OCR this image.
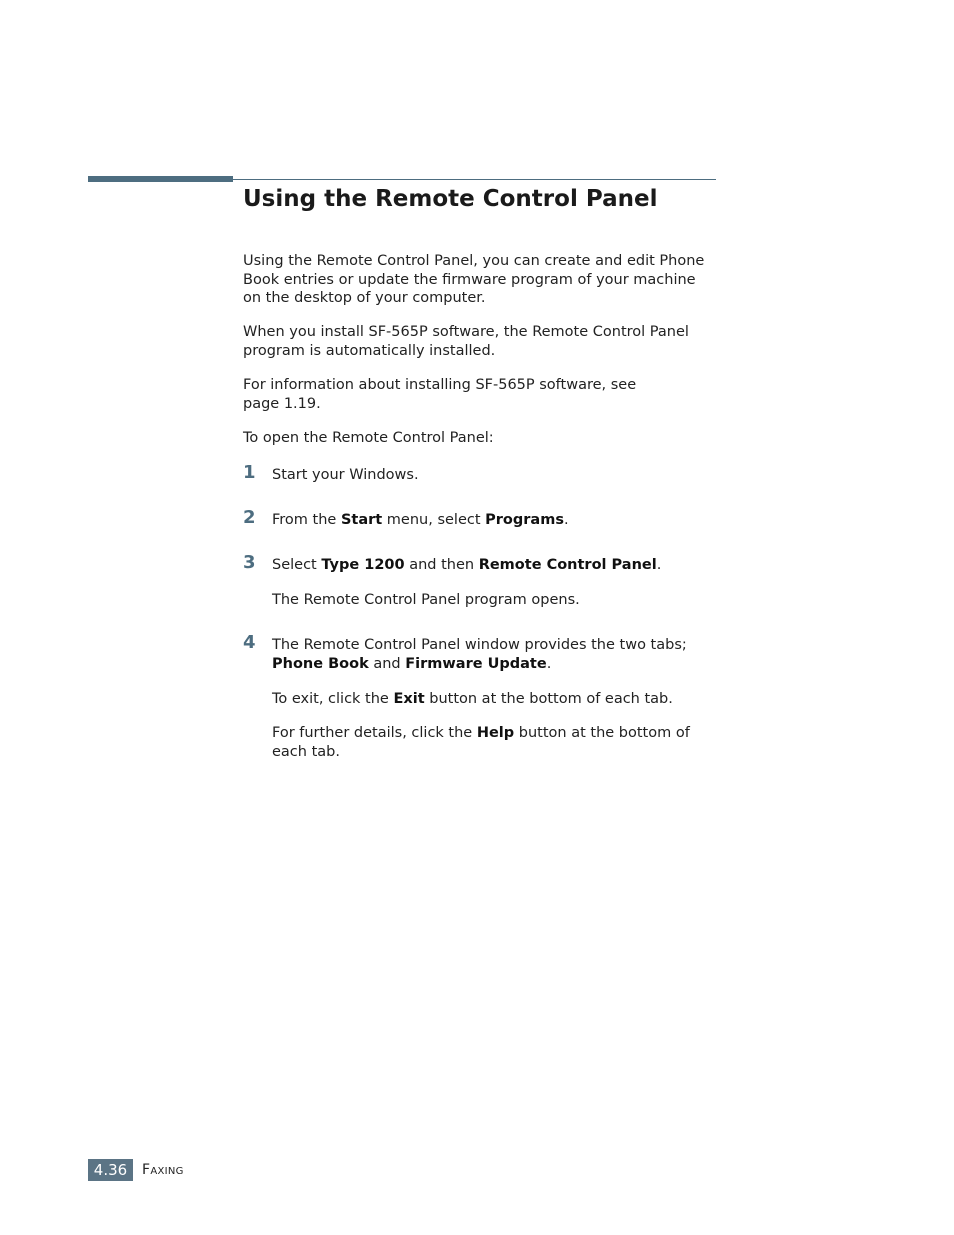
Using the Remote Control Panel

Using the Remote Control Panel, you can create and edit Phone
Book entries or update the firmware program of your machine
on the desktop of your computer.

When you install SF-565P software, the Remote Control Panel
program is automatically installed.

For information about installing SF-565P software, see
page 1.19.

To open the Remote Control Panel:

1 Start your Windows.

2 From the Start menu, select Programs.

3 Select Type 1200 and then Remote Control Panel.

The Remote Control Panel program opens.

4 The Remote Control Panel window provides the two tabs;
Phone Book and Firmware Update.

To exit, click the Exit button at the bottom of each tab.

For further details, click the Help button at the bottom of
each tab.

4.36	Faxing
